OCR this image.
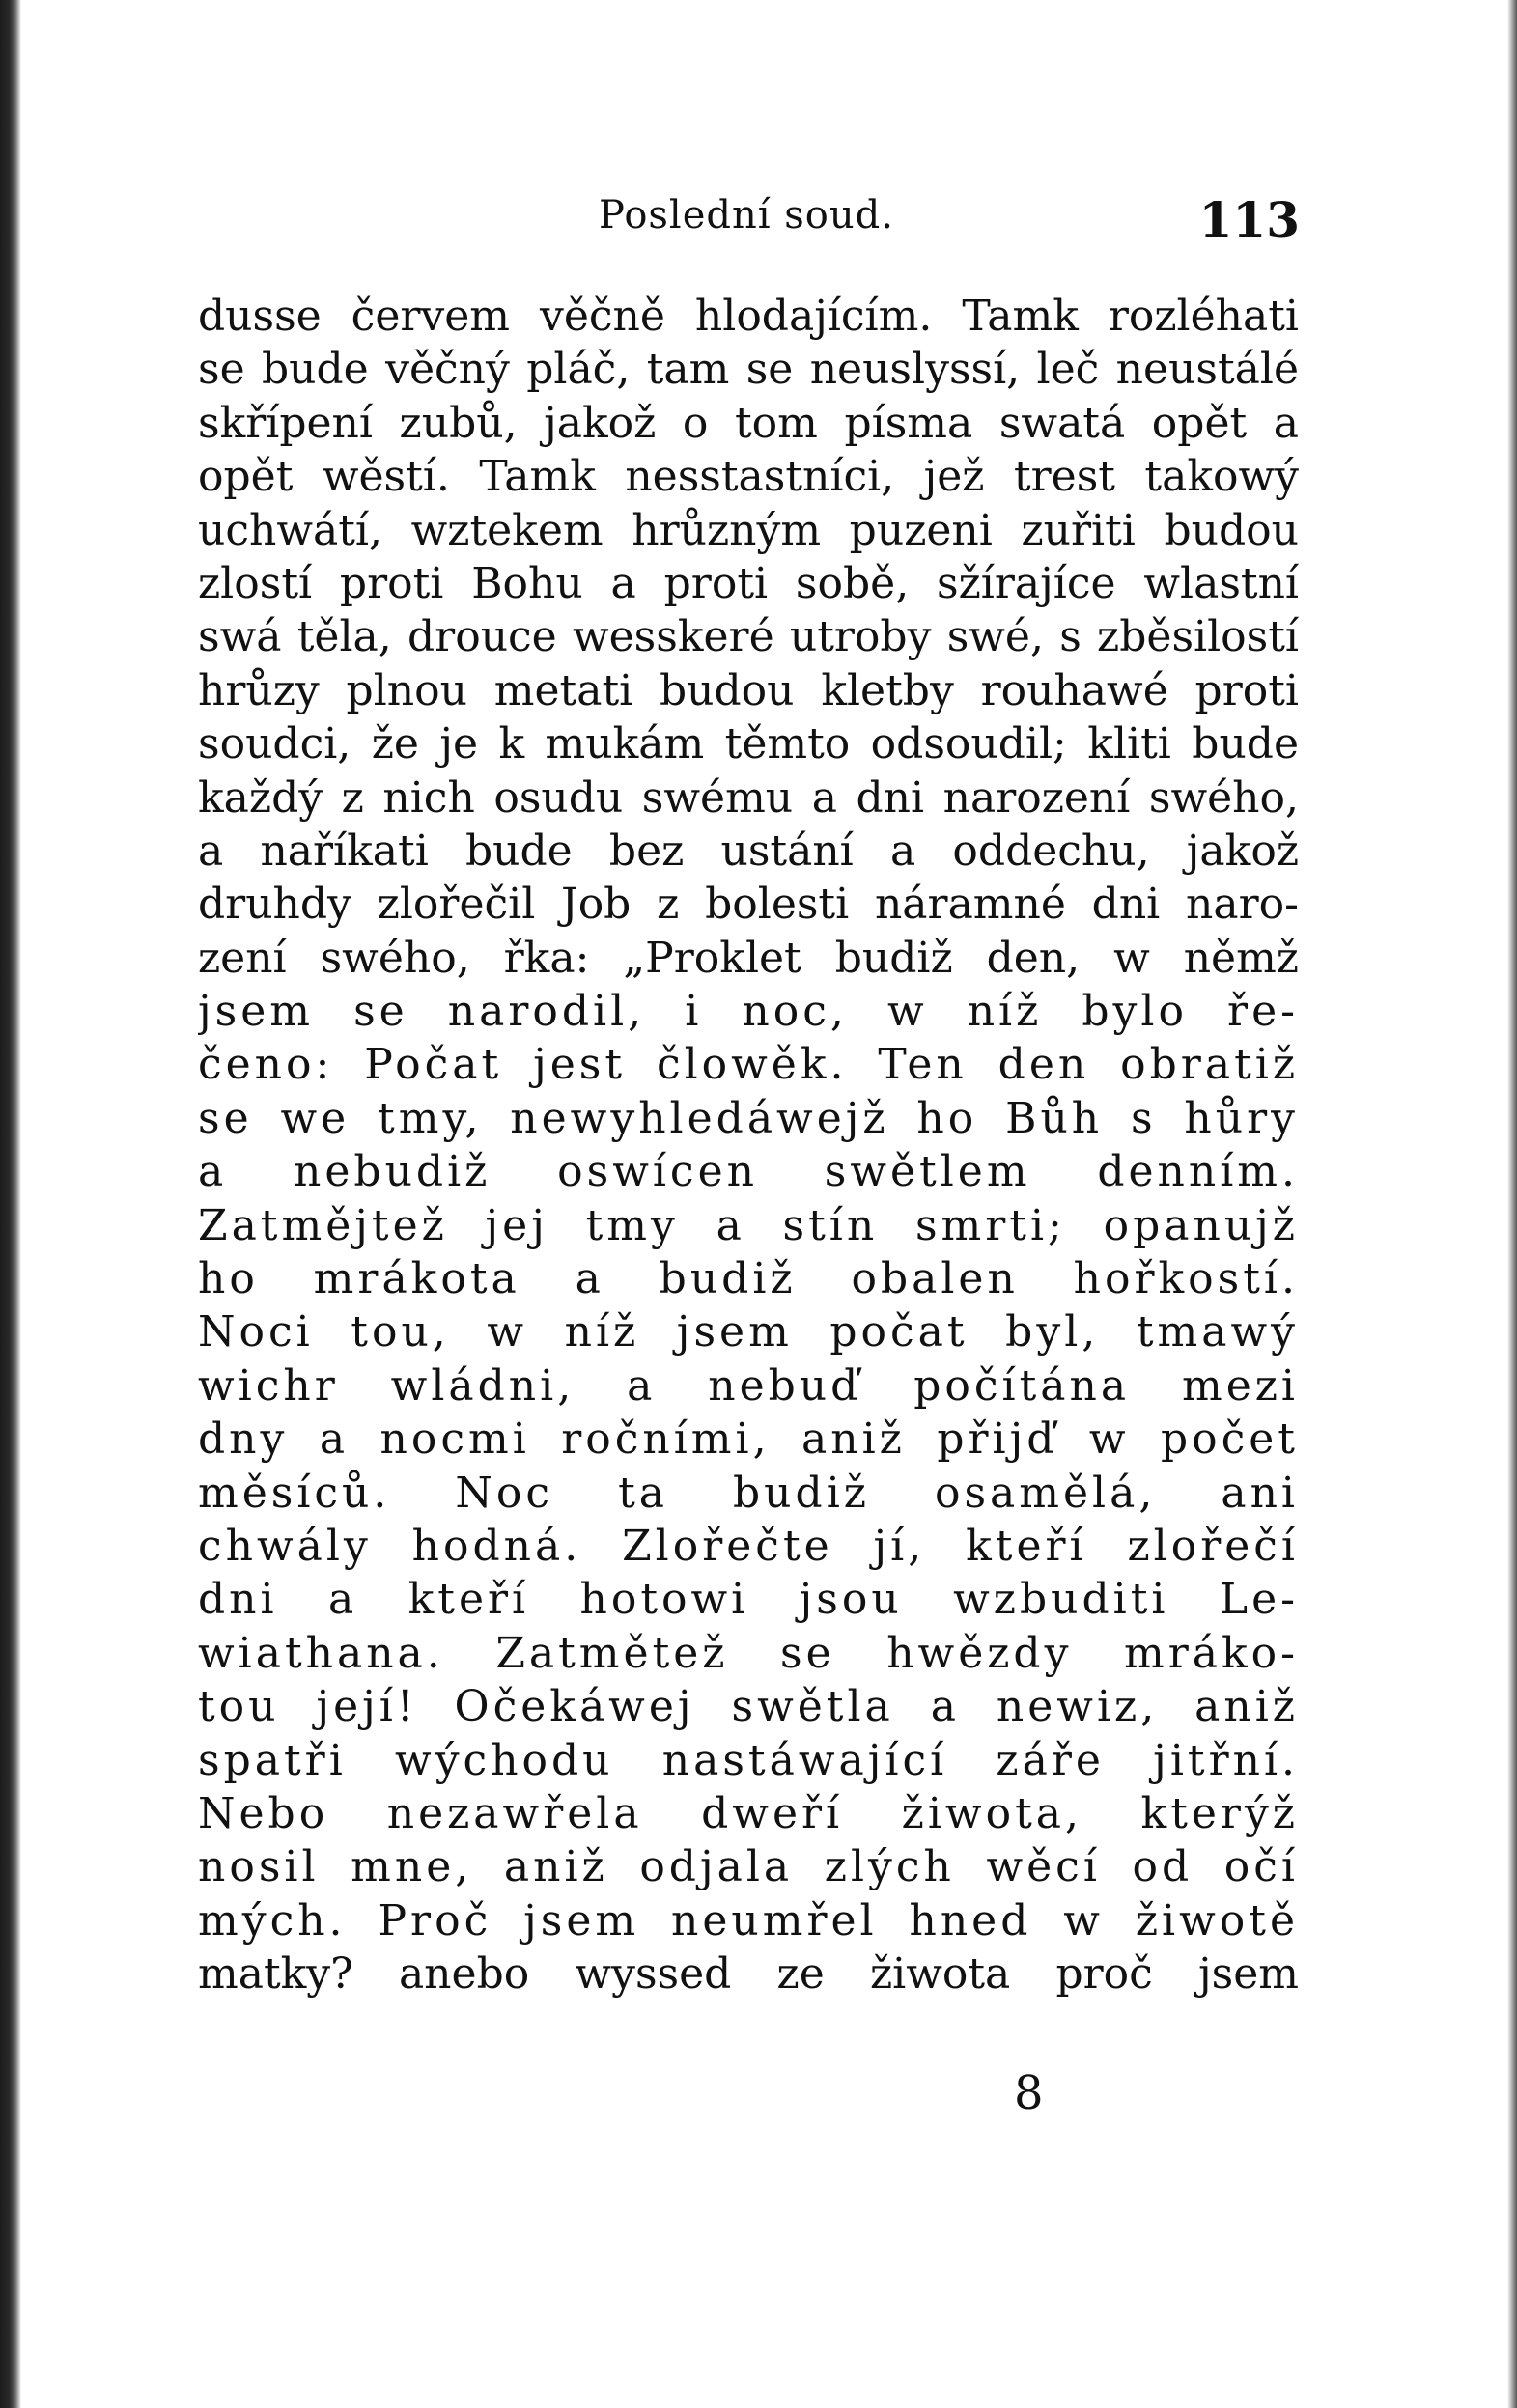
Poslední soud.	113
dusse červem věčně hlodajícím. Tamk rozléhati
se bude věčný pláč, tam se neuslyssí, leč neustálé
skřípení zubů, jakož o tom písma swatá opět a
opět wěstí. Tamk nesstastníci, jež trest takowý
uchwátí, wztekem hrůzným puzeni zuřiti budou
zlostí proti Bohu a proti sobě, sžírajíce wlastní
swá těla, drouce wesskeré utroby swé, s zběsilostí
hrůzy plnou metati budou kletby rouhawé proti
soudci, že je k mukám těmto odsoudil; kliti bude
každý z nich osudu swému a dni narození swého,
a naříkati bude bez ustání a oddechu, jakož
druhdy zlořečil Job z bolesti náramné dni naro-
zení swého, řka: „Proklet budiž den, w němž
jsem se narodil, i noc, w níž bylo ře-
čeno: Počat jest člowěk. Ten den obratiž
se we tmy, newyhledáwejž ho Bůh s hůry
a nebudiž oswícen swětlem denním.
Zatmějtež jej tmy a stín smrti; opanujž
ho mrákota a budiž obalen hořkostí.
Noci tou, w níž jsem počat byl, tmawý
wichr wládni, a nebuď počítána mezi
dny a nocmi ročními, aniž přijď w počet
měsíců. Noc ta budiž osamělá, ani
chwály hodná. Zlořečte jí, kteří zlořečí
dni a kteří hotowi jsou wzbuditi Le-
wiathana. Zatmětež se hwězdy mráko-
tou její! Očekáwej swětla a newiz, aniž
spatři wýchodu nastáwající záře jitřní.
Nebo nezawřela dweří žiwota, kterýž
nosil mne, aniž odjala zlých wěcí od očí
mých. Proč jsem neumřel hned w žiwotě
matky? anebo wyssed ze žiwota proč jsem
8
